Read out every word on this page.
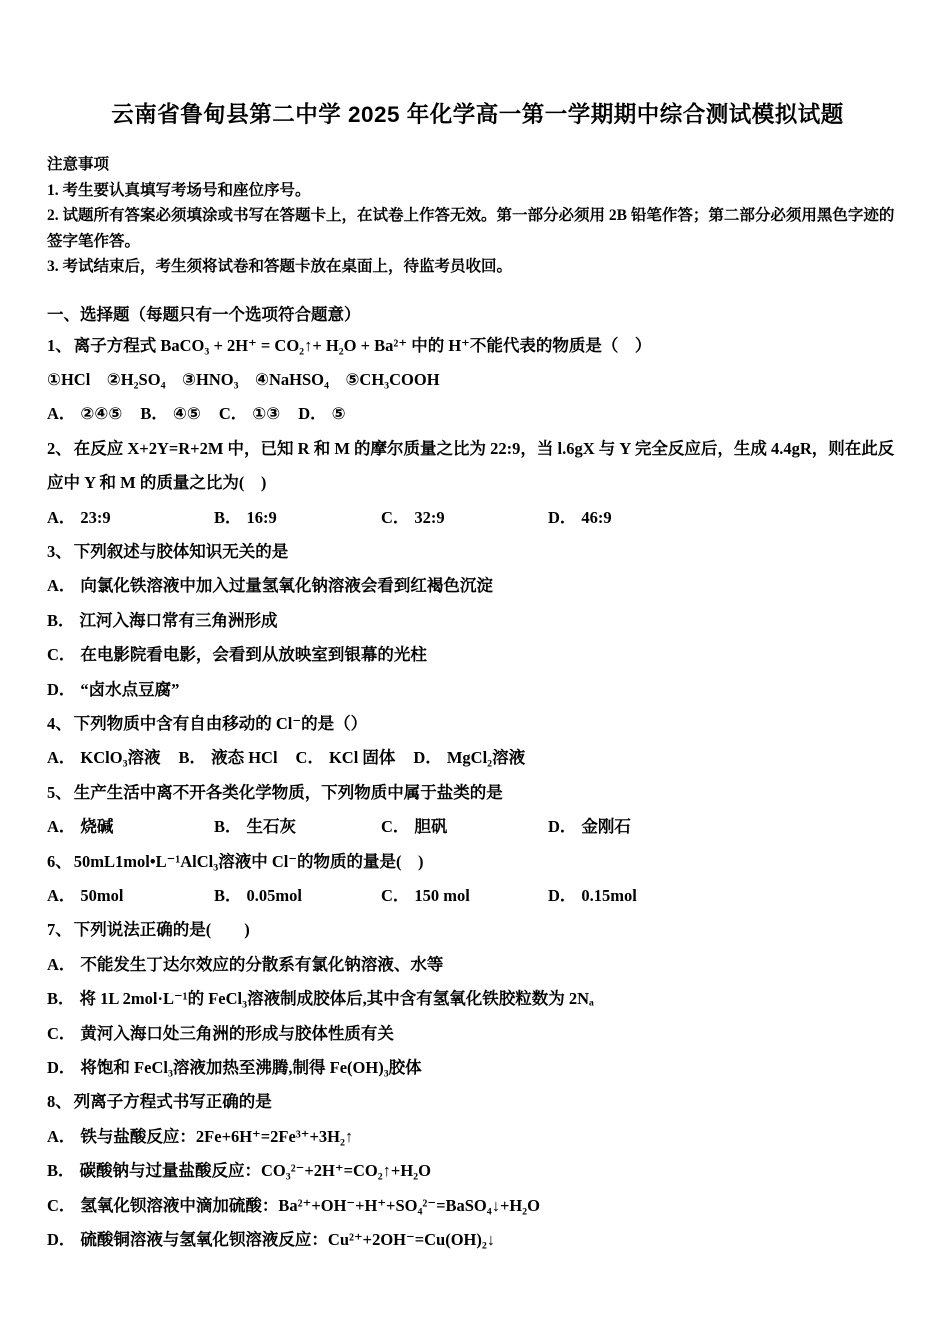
云南省鲁甸县第二中学 2025 年化学高一第一学期期中综合测试模拟试题
注意事项
1. 考生要认真填写考场号和座位序号。
2. 试题所有答案必须填涂或书写在答题卡上，在试卷上作答无效。第一部分必须用 2B 铅笔作答；第二部分必须用黑色字迹的签字笔作答。
3. 考试结束后，考生须将试卷和答题卡放在桌面上，待监考员收回。
一、选择题（每题只有一个选项符合题意）
1、 离子方程式 BaCO₃ + 2H⁺ = CO₂↑+ H₂O + Ba²⁺ 中的 H⁺不能代表的物质是（　）
①HCl　②H₂SO₄　③HNO₃　④NaHSO₄　⑤CH₃COOH
A． ②④⑤ B． ④⑤ C． ①③ D． ⑤
2、 在反应 X+2Y=R+2M 中，已知 R 和 M 的摩尔质量之比为 22:9，当 l.6gX 与 Y 完全反应后，生成 4.4gR，则在此反应中 Y 和 M 的质量之比为(　)
A． 23:9	B． 16:9	C． 32:9	D． 46:9
3、 下列叙述与胶体知识无关的是
A． 向氯化铁溶液中加入过量氢氧化钠溶液会看到红褐色沉淀
B． 江河入海口常有三角洲形成
C． 在电影院看电影，会看到从放映室到银幕的光柱
D． “卤水点豆腐”
4、 下列物质中含有自由移动的 Cl⁻的是（）
A． KClO₃溶液 B． 液态 HCl C． KCl 固体 D． MgCl₂溶液
5、 生产生活中离不开各类化学物质，下列物质中属于盐类的是
A． 烧碱	B． 生石灰	C． 胆矾	D． 金刚石
6、 50mL1mol•L⁻¹AlCl₃溶液中 Cl⁻的物质的量是(　)
A． 50mol	B． 0.05mol	C． 150 mol	D． 0.15mol
7、 下列说法正确的是(　　)
A． 不能发生丁达尔效应的分散系有氯化钠溶液、水等
B． 将 1L 2mol·L⁻¹的 FeCl₃溶液制成胶体后,其中含有氢氧化铁胶粒数为 2Nₐ
C． 黄河入海口处三角洲的形成与胶体性质有关
D． 将饱和 FeCl₃溶液加热至沸腾,制得 Fe(OH)₃胶体
8、 列离子方程式书写正确的是
A． 铁与盐酸反应：2Fe+6H⁺=2Fe³⁺+3H₂↑
B． 碳酸钠与过量盐酸反应：CO₃²⁻+2H⁺=CO₂↑+H₂O
C． 氢氧化钡溶液中滴加硫酸：Ba²⁺+OH⁻+H⁺+SO₄²⁻=BaSO₄↓+H₂O
D． 硫酸铜溶液与氢氧化钡溶液反应：Cu²⁺+2OH⁻=Cu(OH)₂↓
